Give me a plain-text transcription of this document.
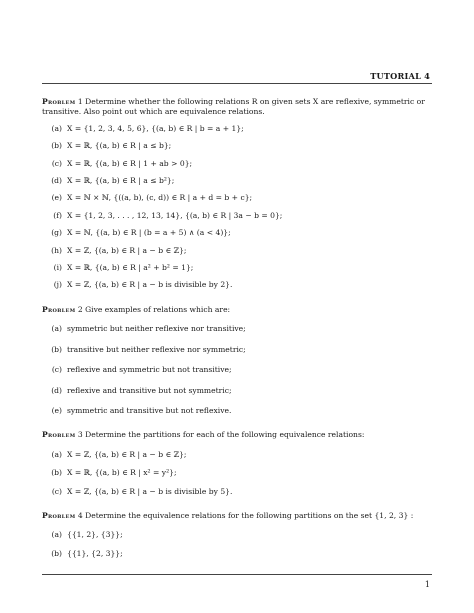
TUTORIAL 4

Problem 1 Determine whether the following relations R on given sets X are reflexive, symmetric or transitive. Also point out which are equivalence relations.

(a) X = {1, 2, 3, 4, 5, 6}, {(a, b) ∈ R | b = a + 1};
(b) X = ℝ, {(a, b) ∈ R | a ≤ b};
(c) X = ℝ, {(a, b) ∈ R | 1 + ab > 0};
(d) X = ℝ, {(a, b) ∈ R | a ≤ b²};
(e) X = ℕ × ℕ, {((a, b), (c, d)) ∈ R | a + d = b + c};
(f) X = {1, 2, 3, . . . , 12, 13, 14}, {(a, b) ∈ R | 3a − b = 0};
(g) X = ℕ, {(a, b) ∈ R | (b = a + 5) ∧ (a < 4)};
(h) X = ℤ, {(a, b) ∈ R | a − b ∈ ℤ};
(i) X = ℝ, {(a, b) ∈ R | a² + b² = 1};
(j) X = ℤ, {(a, b) ∈ R | a − b is divisible by 2}.

Problem 2 Give examples of relations which are:

(a) symmetric but neither reflexive nor transitive;
(b) transitive but neither reflexive nor symmetric;
(c) reflexive and symmetric but not transitive;
(d) reflexive and transitive but not symmetric;
(e) symmetric and transitive but not reflexive.

Problem 3 Determine the partitions for each of the following equivalence relations:

(a) X = ℤ, {(a, b) ∈ R | a − b ∈ ℤ};
(b) X = ℝ, {(a, b) ∈ R | x² = y²};
(c) X = ℤ, {(a, b) ∈ R | a − b is divisible by 5}.

Problem 4 Determine the equivalence relations for the following partitions on the set {1, 2, 3} :

(a) {{1, 2}, {3}};
(b) {{1}, {2, 3}};
1
